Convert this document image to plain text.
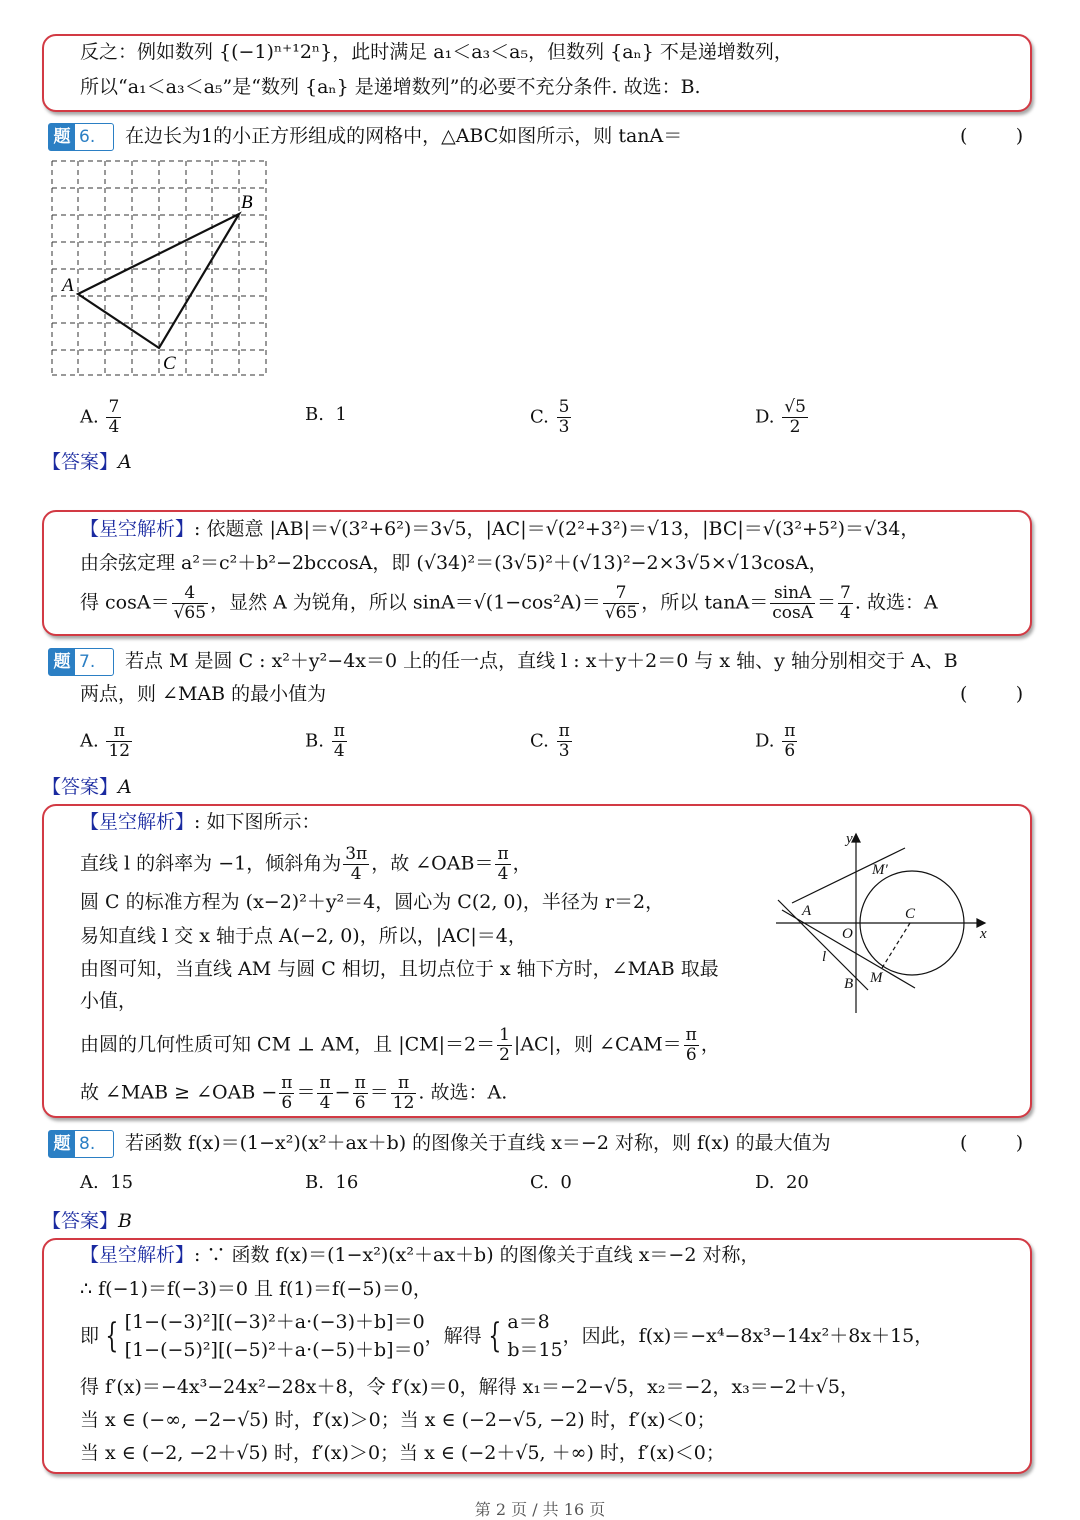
反之：例如数列 {(−1)ⁿ⁺¹2ⁿ}，此时满足 a₁＜a₃＜a₅，但数列 {aₙ} 不是递增数列，
所以“a₁＜a₃＜a₅”是“数列 {aₙ} 是递增数列”的必要不充分条件. 故选：B.
题 6. 在边长为1的小正方形组成的网格中，△ABC如图所示，则 tanA＝	(        )
B
A
C
A. $\frac{7}{4}$	B. 1	C. $\frac{5}{3}$	D. $\frac{√5}{2}$
【答案】A
【星空解析】: 依题意 |AB|＝√(3²+6²)＝3√5，|AC|＝√(2²+3²)＝√13，|BC|＝√(3²+5²)＝√34，
由余弦定理 a²＝c²＋b²−2bccosA，即 (√34)²＝(3√5)²＋(√13)²−2×3√5×√13cosA，
得 $\cos A= \frac{4}{√65}$ ，显然 A 为锐角，所以 $\sin A=√(1-\cos^2A)= \frac{7}{√65}$ ，所以 $\tan A= \frac{\sin A}{\cos A} = \frac{7}{4}$ . 故选：A
题 7. 若点 M 是圆 C : x²＋y²−4x＝0 上的任一点，直线 l : x＋y＋2＝0 与 x 轴、y 轴分别相交于 A、B
两点，则 ∠MAB 的最小值为	(        )
A. $\frac{\pi}{12}$	B. $\frac{\pi}{4}$	C. $\frac{\pi}{3}$	D. $\frac{\pi}{6}$
【答案】A
【星空解析】: 如下图所示：
直线 l 的斜率为 −1，倾斜角为 $\frac{3\pi}{4}$ ，故 ∠OAB＝ $\frac{\pi}{4}$ ，
圆 C 的标准方程为 (x−2)²＋y²＝4，圆心为 C(2, 0)，半径为 r＝2，
易知直线 l 交 x 轴于点 A(−2, 0)，所以，|AC|＝4，
由图可知，当直线 AM 与圆 C 相切，且切点位于 x 轴下方时，∠MAB 取最
小值，
由圆的几何性质可知 CM ⊥ AM，且 $|CM|=2= \frac{1}{2} |AC|$，则 ∠CAM＝ $\frac{\pi}{6}$ ，
故 ∠MAB ≥ ∠OAB − $\frac{\pi}{6} = \frac{\pi}{4} - \frac{\pi}{6} = \frac{\pi}{12}$ . 故选：A.
y
x
M′
A
O
C
l
B M
题 8. 若函数 f(x)＝(1−x²)(x²＋ax＋b) 的图像关于直线 x＝−2 对称，则 f(x) 的最大值为	(        )
A. 15	B. 16	C. 0	D. 20
【答案】B
【星空解析】: ∵ 函数 f(x)＝(1−x²)(x²＋ax＋b) 的图像关于直线 x＝−2 对称，
∴ f(−1)＝f(−3)＝0 且 f(1)＝f(−5)＝0，
即 { [1−(−3)²][(−3)²＋a·(−3)＋b]＝0
[1−(−5)²][(−5)²＋a·(−5)＋b]＝0
，解得 { a＝8
b＝15
，因此，f(x)＝−x⁴−8x³−14x²＋8x＋15，
得 f′(x)＝−4x³−24x²−28x＋8，令 f′(x)＝0，解得 x₁＝−2−√5，x₂＝−2，x₃＝−2＋√5，
当 x ∈ (−∞, −2−√5) 时，f′(x)＞0；当 x ∈ (−2−√5, −2) 时，f′(x)＜0；
当 x ∈ (−2, −2＋√5) 时，f′(x)＞0；当 x ∈ (−2＋√5, ＋∞) 时，f′(x)＜0；
第 2 页 / 共 16 页
